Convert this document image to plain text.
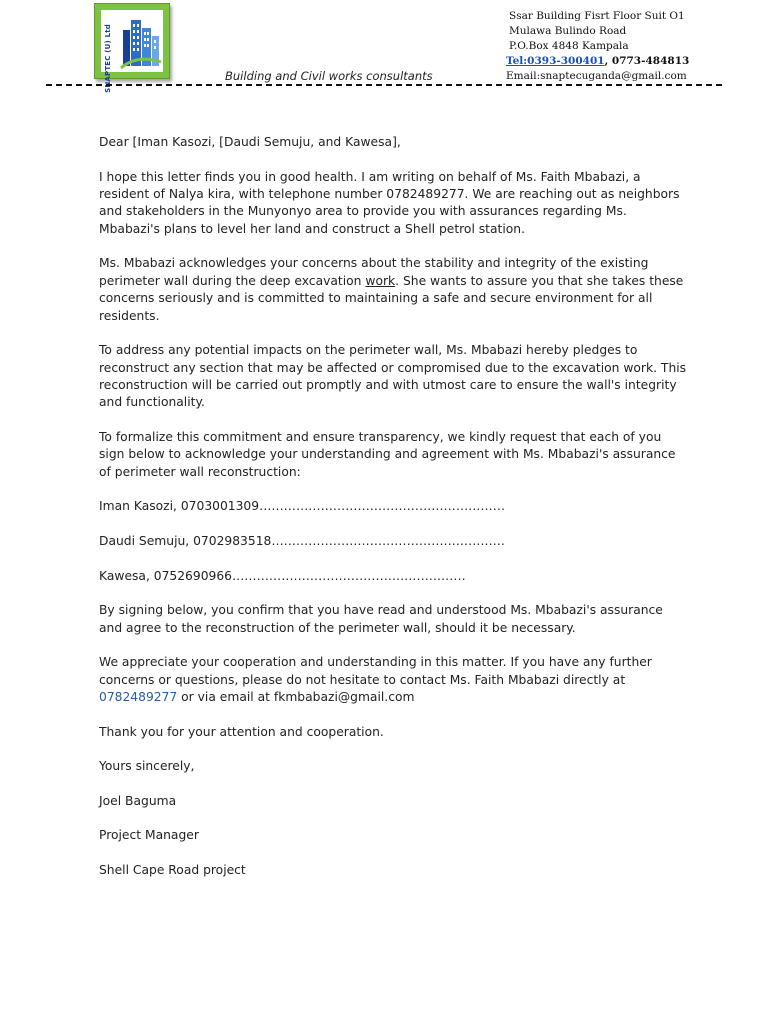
SNAPTEC (U) Ltd	Building and Civil works consultants
Ssar Building Fisrt Floor Suit O1
Mulawa Bulindo Road
P.O.Box 4848 Kampala
Tel:0393-300401, 0773-484813
Email:snaptecuganda@gmail.com

Dear [Iman Kasozi, [Daudi Semuju, and Kawesa],

I hope this letter finds you in good health. I am writing on behalf of Ms. Faith Mbabazi, a resident of Nalya kira, with telephone number 0782489277. We are reaching out as neighbors and stakeholders in the Munyonyo area to provide you with assurances regarding Ms. Mbabazi's plans to level her land and construct a Shell petrol station.

Ms. Mbabazi acknowledges your concerns about the stability and integrity of the existing perimeter wall during the deep excavation work. She wants to assure you that she takes these concerns seriously and is committed to maintaining a safe and secure environment for all residents.

To address any potential impacts on the perimeter wall, Ms. Mbabazi hereby pledges to reconstruct any section that may be affected or compromised due to the excavation work. This reconstruction will be carried out promptly and with utmost care to ensure the wall's integrity and functionality.

To formalize this commitment and ensure transparency, we kindly request that each of you sign below to acknowledge your understanding and agreement with Ms. Mbabazi's assurance of perimeter wall reconstruction:

Iman Kasozi, 0703001309……………………………………………………
Daudi Semuju, 0702983518…………………………………………………
Kawesa, 0752690966…………………………………………………

By signing below, you confirm that you have read and understood Ms. Mbabazi's assurance and agree to the reconstruction of the perimeter wall, should it be necessary.

We appreciate your cooperation and understanding in this matter. If you have any further concerns or questions, please do not hesitate to contact Ms. Faith Mbabazi directly at 0782489277 or via email at fkmbabazi@gmail.com

Thank you for your attention and cooperation.

Yours sincerely,

Joel Baguma

Project Manager

Shell Cape Road project
